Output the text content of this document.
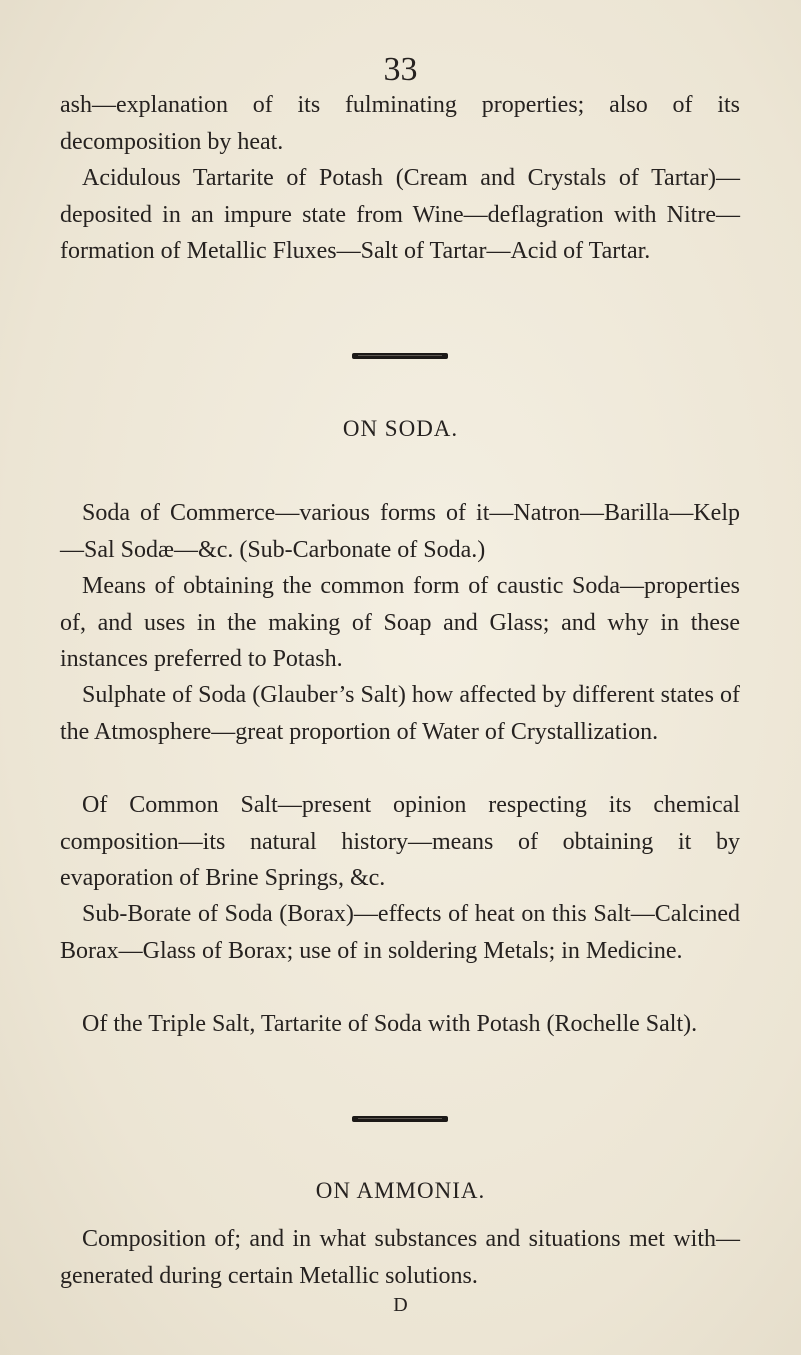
33
ash—explanation of its fulminating properties; also of its decomposition by heat.
Acidulous Tartarite of Potash (Cream and Crystals of Tartar)—deposited in an impure state from Wine—deflagration with Nitre—formation of Metallic Fluxes—Salt of Tartar—Acid of Tartar.
ON SODA.
Soda of Commerce—various forms of it—Natron—Barilla—Kelp—Sal Sodæ—&c. (Sub-Carbonate of Soda.)
Means of obtaining the common form of caustic Soda—properties of, and uses in the making of Soap and Glass; and why in these instances preferred to Potash.
Sulphate of Soda (Glauber’s Salt) how affected by different states of the Atmosphere—great proportion of Water of Crystallization.
Of Common Salt—present opinion respecting its chemical composition—its natural history—means of obtaining it by evaporation of Brine Springs, &c.
Sub-Borate of Soda (Borax)—effects of heat on this Salt—Calcined Borax—Glass of Borax; use of in soldering Metals; in Medicine.
Of the Triple Salt, Tartarite of Soda with Potash (Rochelle Salt).
ON AMMONIA.
Composition of; and in what substances and situations met with—generated during certain Metallic solutions.
D
